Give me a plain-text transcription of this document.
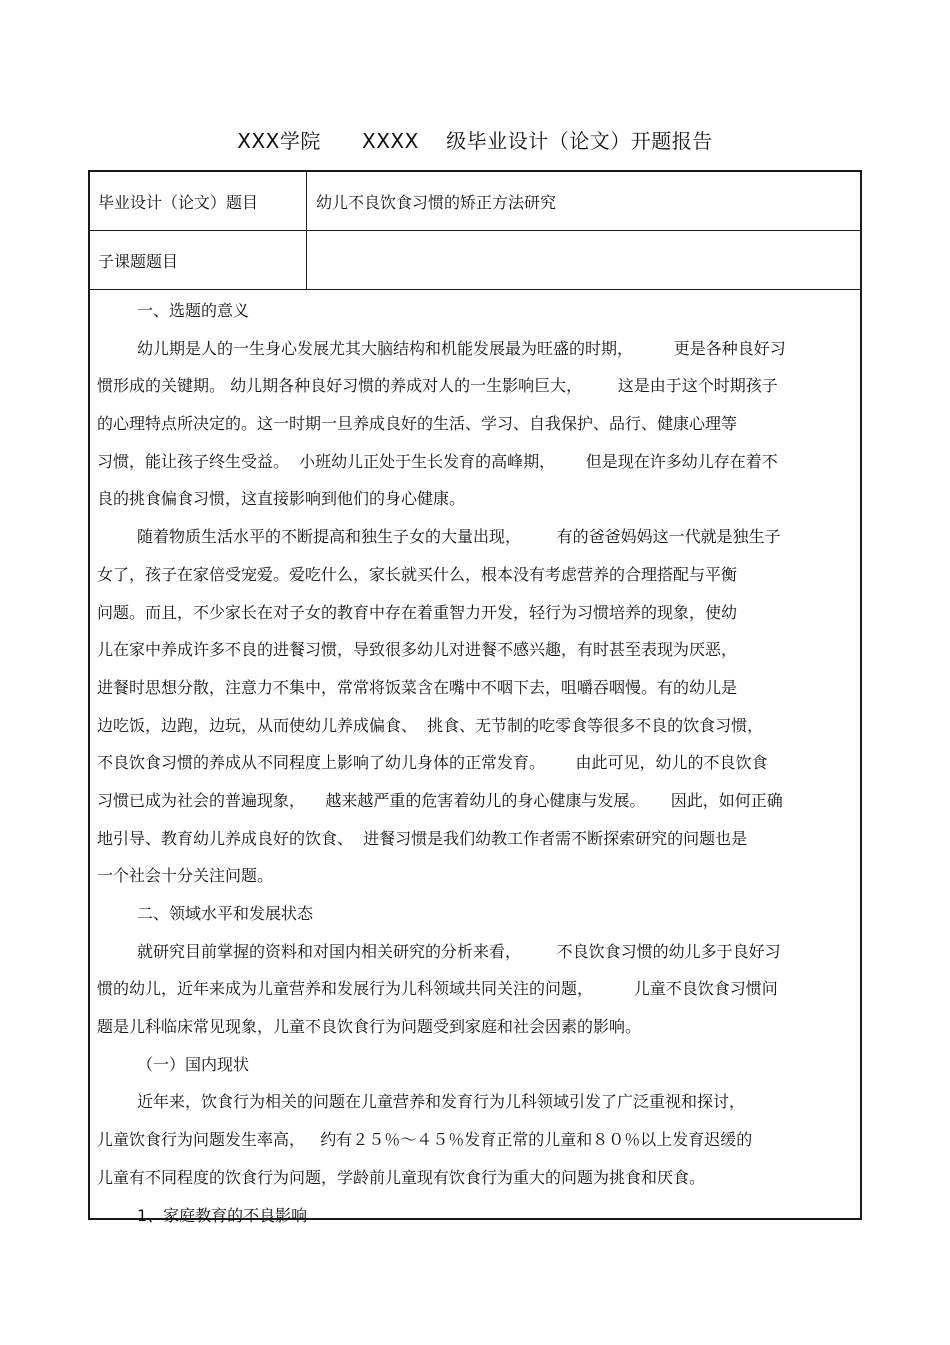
XXX学院      XXXX    级毕业设计（论文）开题报告
毕业设计（论文）题目	幼儿不良饮食习惯的矫正方法研究
子课题题目
一、选题的意义
幼儿期是人的一生身心发展尤其大脑结构和机能发展最为旺盛的时期，        更是各种良好习
惯形成的关键期。 幼儿期各种良好习惯的养成对人的一生影响巨大，       这是由于这个时期孩子
的心理特点所决定的。这一时期一旦养成良好的生活、学习、自我保护、品行、健康心理等
习惯，能让孩子终生受益。  小班幼儿正处于生长发育的高峰期，      但是现在许多幼儿存在着不
良的挑食偏食习惯，这直接影响到他们的身心健康。
随着物质生活水平的不断提高和独生子女的大量出现，       有的爸爸妈妈这一代就是独生子
女了，孩子在家倍受宠爱。爱吃什么，家长就买什么，根本没有考虑营养的合理搭配与平衡
问题。而且，不少家长在对子女的教育中存在着重智力开发，轻行为习惯培养的现象，使幼
儿在家中养成许多不良的进餐习惯，导致很多幼儿对进餐不感兴趣，有时甚至表现为厌恶，
进餐时思想分散，注意力不集中，常常将饭菜含在嘴中不咽下去，咀嚼吞咽慢。有的幼儿是
边吃饭，边跑，边玩，从而使幼儿养成偏食、  挑食、无节制的吃零食等很多不良的饮食习惯，
不良饮食习惯的养成从不同程度上影响了幼儿身体的正常发育。      由此可见，幼儿的不良饮食
习惯已成为社会的普遍现象，    越来越严重的危害着幼儿的身心健康与发展。     因此，如何正确
地引导、教育幼儿养成良好的饮食、  进餐习惯是我们幼教工作者需不断探索研究的问题也是
一个社会十分关注问题。
二、领域水平和发展状态
就研究目前掌握的资料和对国内相关研究的分析来看，       不良饮食习惯的幼儿多于良好习
惯的幼儿，近年来成为儿童营养和发展行为儿科领域共同关注的问题，        儿童不良饮食习惯问
题是儿科临床常见现象，儿童不良饮食行为问题受到家庭和社会因素的影响。
（一）国内现状
近年来，饮食行为相关的问题在儿童营养和发育行为儿科领域引发了广泛重视和探讨，
儿童饮食行为问题发生率高，   约有２５％～４５％发育正常的儿童和８０％以上发育迟缓的
儿童有不同程度的饮食行为问题，学龄前儿童现有饮食行为重大的问题为挑食和厌食。
1、家庭教育的不良影响
